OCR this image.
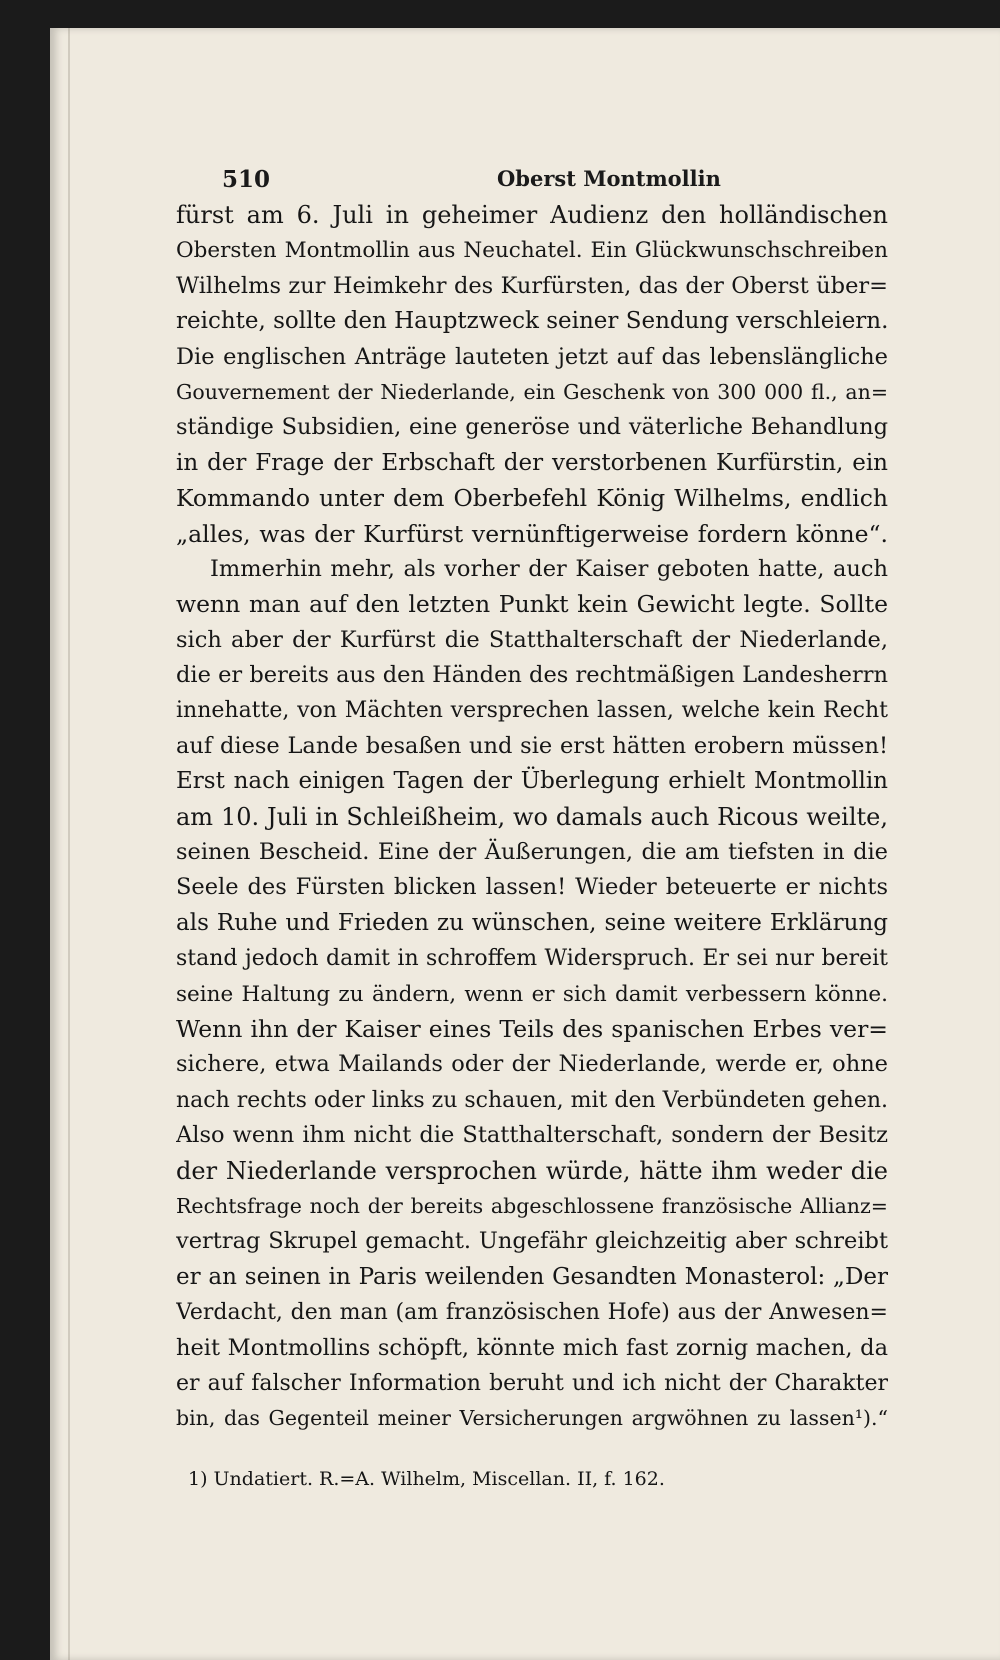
510	Oberst Montmollin
fürst am 6. Juli in geheimer Audienz den holländischen
Obersten Montmollin aus Neuchatel. Ein Glückwunschschreiben
Wilhelms zur Heimkehr des Kurfürsten, das der Oberst über=
reichte, sollte den Hauptzweck seiner Sendung verschleiern.
Die englischen Anträge lauteten jetzt auf das lebenslängliche
Gouvernement der Niederlande, ein Geschenk von 300 000 fl., an=
ständige Subsidien, eine generöse und väterliche Behandlung
in der Frage der Erbschaft der verstorbenen Kurfürstin, ein
Kommando unter dem Oberbefehl König Wilhelms, endlich
„alles, was der Kurfürst vernünftigerweise fordern könne“.
Immerhin mehr, als vorher der Kaiser geboten hatte, auch
wenn man auf den letzten Punkt kein Gewicht legte. Sollte
sich aber der Kurfürst die Statthalterschaft der Niederlande,
die er bereits aus den Händen des rechtmäßigen Landesherrn
innehatte, von Mächten versprechen lassen, welche kein Recht
auf diese Lande besaßen und sie erst hätten erobern müssen!
Erst nach einigen Tagen der Überlegung erhielt Montmollin
am 10. Juli in Schleißheim, wo damals auch Ricous weilte,
seinen Bescheid. Eine der Äußerungen, die am tiefsten in die
Seele des Fürsten blicken lassen! Wieder beteuerte er nichts
als Ruhe und Frieden zu wünschen, seine weitere Erklärung
stand jedoch damit in schroffem Widerspruch. Er sei nur bereit
seine Haltung zu ändern, wenn er sich damit verbessern könne.
Wenn ihn der Kaiser eines Teils des spanischen Erbes ver=
sichere, etwa Mailands oder der Niederlande, werde er, ohne
nach rechts oder links zu schauen, mit den Verbündeten gehen.
Also wenn ihm nicht die Statthalterschaft, sondern der Besitz
der Niederlande versprochen würde, hätte ihm weder die
Rechtsfrage noch der bereits abgeschlossene französische Allianz=
vertrag Skrupel gemacht. Ungefähr gleichzeitig aber schreibt
er an seinen in Paris weilenden Gesandten Monasterol: „Der
Verdacht, den man (am französischen Hofe) aus der Anwesen=
heit Montmollins schöpft, könnte mich fast zornig machen, da
er auf falscher Information beruht und ich nicht der Charakter
bin, das Gegenteil meiner Versicherungen argwöhnen zu lassen¹).“
1) Undatiert. R.=A. Wilhelm, Miscellan. II, f. 162.
